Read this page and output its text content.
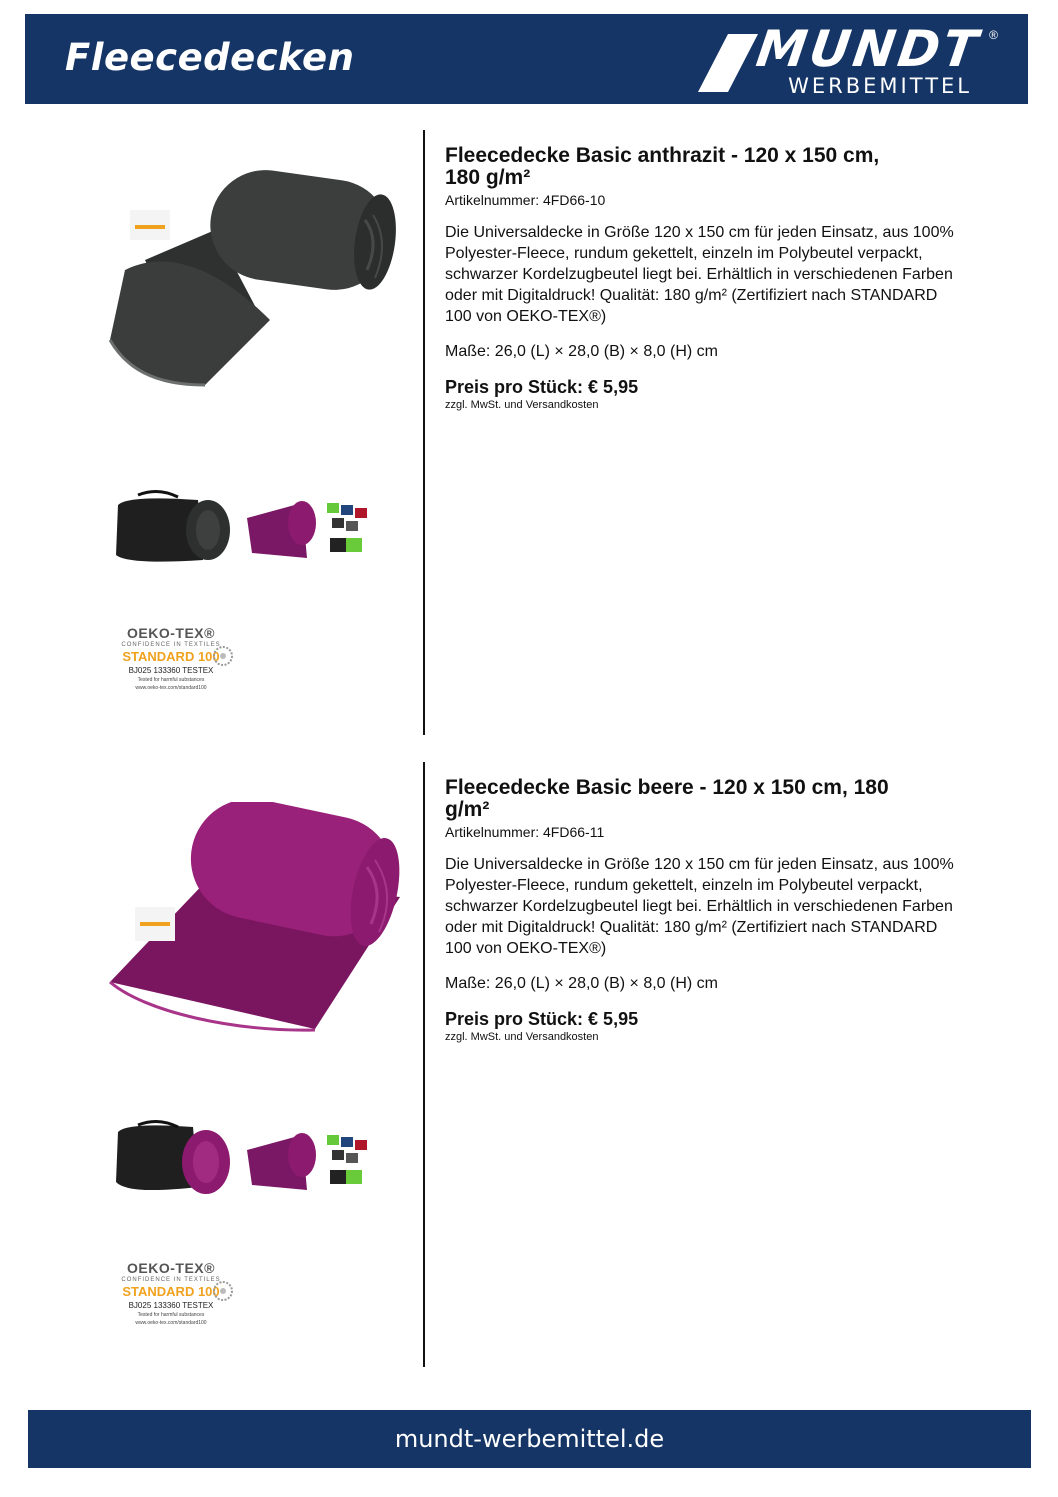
Fleecedecken	MUNDT ®
WERBEMITTEL
OEKO-TEX®
CONFIDENCE IN TEXTILES
STANDARD 100
BJ025 133360 TESTEX
Tested for harmful substances
www.oeko-tex.com/standard100
Fleecedecke Basic anthrazit - 120 x 150 cm,
180 g/m²
Artikelnummer: 4FD66-10
Die Universaldecke in Größe 120 x 150 cm für jeden Einsatz, aus 100% Polyester-Fleece, rundum gekettelt, einzeln im Polybeutel verpackt, schwarzer Kordelzugbeutel liegt bei. Erhältlich in verschiedenen Farben oder mit Digitaldruck! Qualität: 180 g/m² (Zertifiziert nach STANDARD 100 von OEKO-TEX®)
Maße: 26,0 (L) × 28,0 (B) × 8,0 (H) cm
Preis pro Stück: € 5,95
zzgl. MwSt. und Versandkosten
OEKO-TEX®
CONFIDENCE IN TEXTILES
STANDARD 100
BJ025 133360 TESTEX
Tested for harmful substances
www.oeko-tex.com/standard100
Fleecedecke Basic beere - 120 x 150 cm, 180
g/m²
Artikelnummer: 4FD66-11
Die Universaldecke in Größe 120 x 150 cm für jeden Einsatz, aus 100% Polyester-Fleece, rundum gekettelt, einzeln im Polybeutel verpackt, schwarzer Kordelzugbeutel liegt bei. Erhältlich in verschiedenen Farben oder mit Digitaldruck! Qualität: 180 g/m² (Zertifiziert nach STANDARD 100 von OEKO-TEX®)
Maße: 26,0 (L) × 28,0 (B) × 8,0 (H) cm
Preis pro Stück: € 5,95
zzgl. MwSt. und Versandkosten
mundt-werbemittel.de
